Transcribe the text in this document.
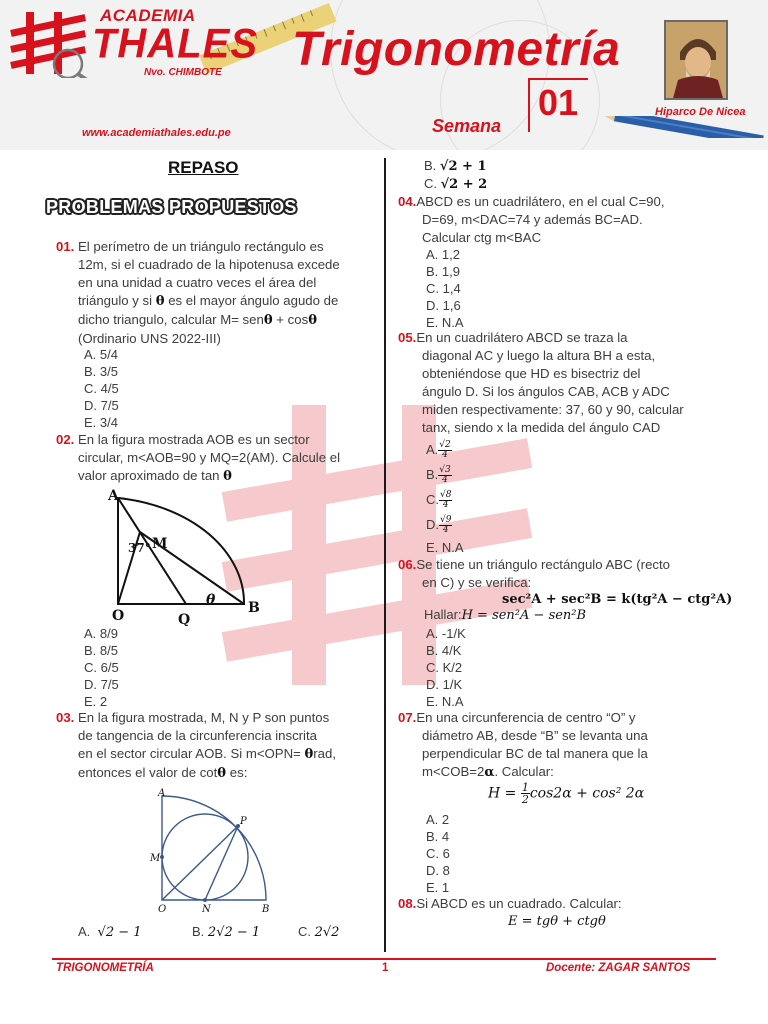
ACADEMIA
THALES
Nvo. CHIMBOTE
www.academiathales.edu.pe
Trigonometría
Semana
01	Hiparco De Nicea
REPASO
PROBLEMAS PROPUESTOS
01. El perímetro de un triángulo rectángulo es
12m, si el cuadrado de la hipotenusa excede
en una unidad a cuatro veces el área del
triángulo y si θ es el mayor ángulo agudo de
dicho triangulo, calcular M= senθ + cosθ
(Ordinario UNS 2022-III)
A. 5/4
B. 3/5
C. 4/5
D. 7/5
E. 3/4
02. En la figura mostrada AOB es un sector
circular, m<AOB=90 y MQ=2(AM). Calcule el
valor aproximado de tan θ
A
37° M
θ
O	Q
B
A. 8/9
B. 8/5
C. 6/5
D. 7/5
E. 2
03. En la figura mostrada, M, N y P son puntos
de tangencia de la circunferencia inscrita
en el sector circular AOB. Si m<OPN= θrad,
entonces el valor de cotθ es:
A
M
P
O	N	B
A. √2 − 1	B. 2√2 − 1	C. 2√2
B. √2 + 1
C. √2 + 2
04.ABCD es un cuadrilátero, en el cual C=90,
D=69, m<DAC=74 y además BC=AD.
Calcular ctg m<BAC
A. 1,2
B. 1,9
C. 1,4
D. 1,6
E. N.A
05.En un cuadrilátero ABCD se traza la
diagonal AC y luego la altura BH a esta,
obteniéndose que HD es bisectriz del
ángulo D. Si los ángulos CAB, ACB y ADC
miden respectivamente: 37, 60 y 90, calcular
tanx, siendo x la medida del ángulo CAD
A. $\frac{√2}{4}$
B. $\frac{√3}{4}$
C. $\frac{√8}{4}$
D. $\frac{√9}{4}$
E. N.A
06.Se tiene un triángulo rectángulo ABC (recto
en C) y se verifica:
sec²A + sec²B = k(tg²A − ctg²A)
Hallar:H = sen²A − sen²B
A. -1/K
B. 4/K
C. K/2
D. 1/K
E. N.A
07.En una circunferencia de centro “O” y
diámetro AB, desde “B” se levanta una
perpendicular BC de tal manera que la
m<COB=2α. Calcular:
$H = \frac{1}{2} \cos 2\alpha + \cos^2$ 2α
A. 2
B. 4
C. 6
D. 8
E. 1
08.Si ABCD es un cuadrado. Calcular:
E = tgθ + ctgθ
TRIGONOMETRÍA	1	Docente: ZAGAR SANTOS
